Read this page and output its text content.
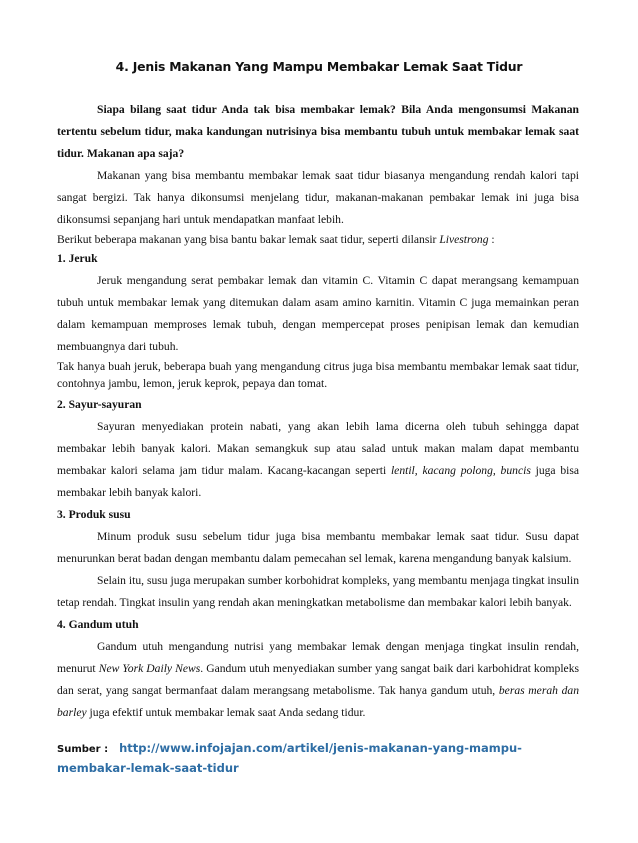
4. Jenis Makanan Yang Mampu Membakar Lemak Saat Tidur

Siapa bilang saat tidur Anda tak bisa membakar lemak? Bila Anda mengonsumsi Makanan tertentu sebelum tidur, maka kandungan nutrisinya bisa membantu tubuh untuk membakar lemak saat tidur. Makanan apa saja?

Makanan yang bisa membantu membakar lemak saat tidur biasanya mengandung rendah kalori tapi sangat bergizi. Tak hanya dikonsumsi menjelang tidur, makanan-makanan pembakar lemak ini juga bisa dikonsumsi sepanjang hari untuk mendapatkan manfaat lebih.

Berikut beberapa makanan yang bisa bantu bakar lemak saat tidur, seperti dilansir Livestrong :

1. Jeruk

Jeruk mengandung serat pembakar lemak dan vitamin C. Vitamin C dapat merangsang kemampuan tubuh untuk membakar lemak yang ditemukan dalam asam amino karnitin. Vitamin C juga memainkan peran dalam kemampuan memproses lemak tubuh, dengan mempercepat proses penipisan lemak dan kemudian membuangnya dari tubuh.

Tak hanya buah jeruk, beberapa buah yang mengandung citrus juga bisa membantu membakar lemak saat tidur, contohnya jambu, lemon, jeruk keprok, pepaya dan tomat.

2. Sayur-sayuran

Sayuran menyediakan protein nabati, yang akan lebih lama dicerna oleh tubuh sehingga dapat membakar lebih banyak kalori. Makan semangkuk sup atau salad untuk makan malam dapat membantu membakar kalori selama jam tidur malam. Kacang-kacangan seperti lentil, kacang polong, buncis juga bisa membakar lebih banyak kalori.

3. Produk susu

Minum produk susu sebelum tidur juga bisa membantu membakar lemak saat tidur. Susu dapat menurunkan berat badan dengan membantu dalam pemecahan sel lemak, karena mengandung banyak kalsium.

Selain itu, susu juga merupakan sumber korbohidrat kompleks, yang membantu menjaga tingkat insulin tetap rendah. Tingkat insulin yang rendah akan meningkatkan metabolisme dan membakar kalori lebih banyak.

4. Gandum utuh

Gandum utuh mengandung nutrisi yang membakar lemak dengan menjaga tingkat insulin rendah, menurut New York Daily News. Gandum utuh menyediakan sumber yang sangat baik dari karbohidrat kompleks dan serat, yang sangat bermanfaat dalam merangsang metabolisme. Tak hanya gandum utuh, beras merah dan barley juga efektif untuk membakar lemak saat Anda sedang tidur.

Sumber : http://www.infojajan.com/artikel/jenis-makanan-yang-mampu-membakar-lemak-saat-tidur
